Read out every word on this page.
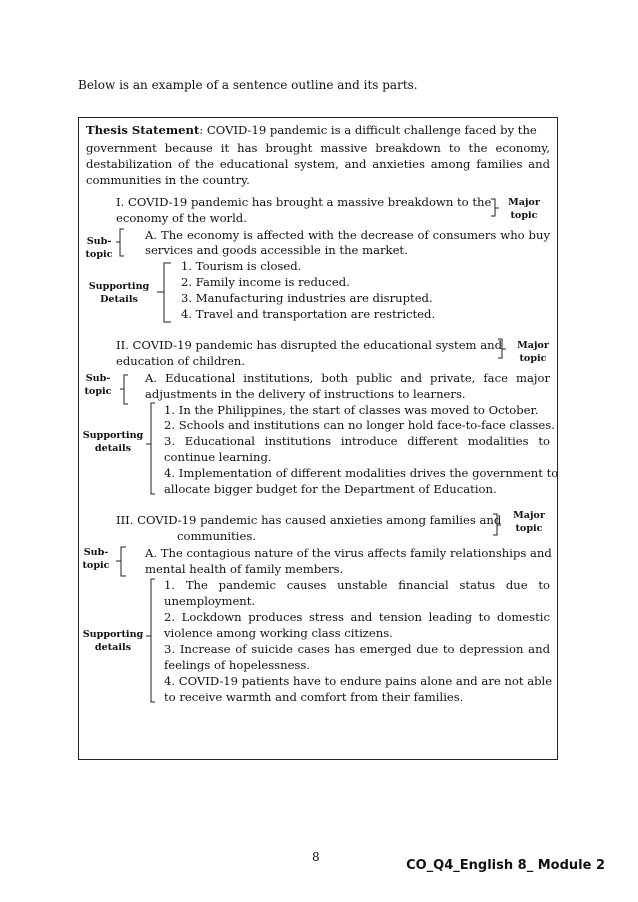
Below is an example of a sentence outline and its parts.
Thesis Statement: COVID-19 pandemic is a difficult challenge faced by the
government because it has brought massive breakdown to the economy,
destabilization of the educational system, and anxieties among families and
communities in the country.
I. COVID-19 pandemic has brought a massive breakdown to the
economy of the world.
Major
topic
Sub-
topic
A. The economy is affected with the decrease of consumers who buy
services and goods accessible in the market.
Supporting
Details
1. Tourism is closed.
2. Family income is reduced.
3. Manufacturing industries are disrupted.
4. Travel and transportation are restricted.
II. COVID-19 pandemic has disrupted the educational system and
education of children.
Major
topic
Sub-
topic
A. Educational institutions, both public and private, face major
adjustments in the delivery of instructions to learners.
Supporting
details
1. In the Philippines, the start of classes was moved to October.
2. Schools and institutions can no longer hold face-to-face classes.
3. Educational institutions introduce different modalities to
continue learning.
4. Implementation of different modalities drives the government to
allocate bigger budget for the Department of Education.
III. COVID-19 pandemic has caused anxieties among families and
communities.
Major
topic
Sub-
topic
A. The contagious nature of the virus affects family relationships and
mental health of family members.
Supporting
details
1. The pandemic causes unstable financial status due to
unemployment.
2. Lockdown produces stress and tension leading to domestic
violence among working class citizens.
3. Increase of suicide cases has emerged due to depression and
feelings of hopelessness.
4. COVID-19 patients have to endure pains alone and are not able
to receive warmth and comfort from their families.
8
CO_Q4_English 8_ Module 2
